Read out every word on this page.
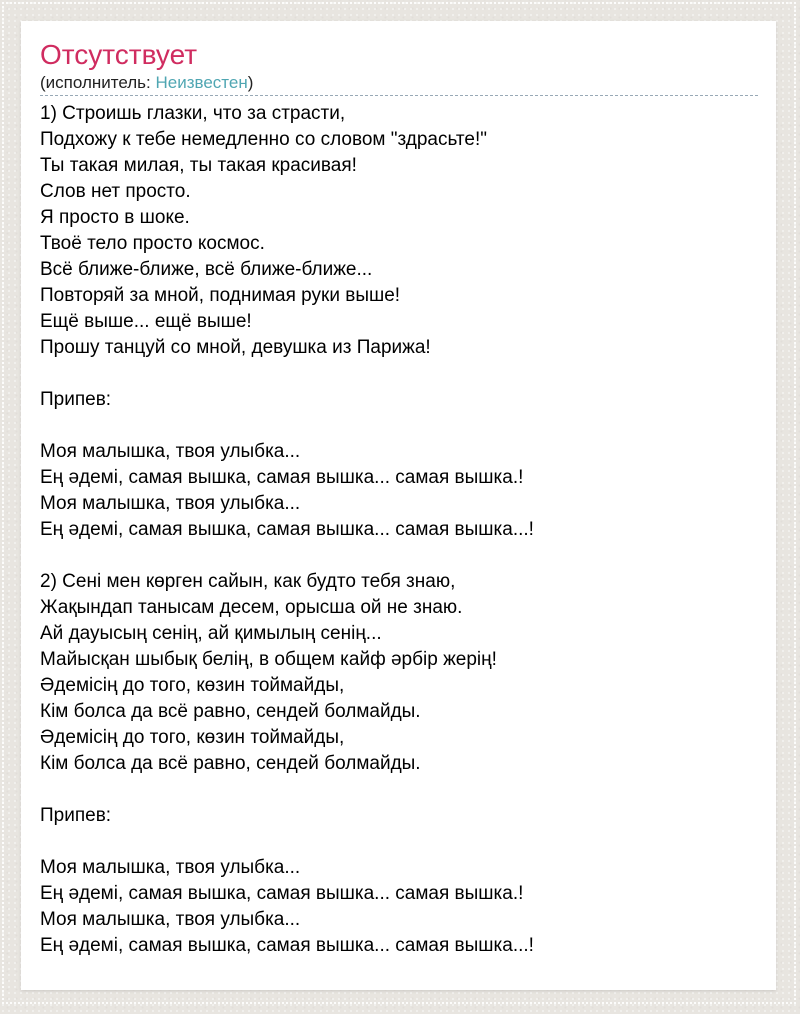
Отсутствует
(исполнитель: Неизвестен)

1) Строишь глазки, что за страсти,
Подхожу к тебе немедленно со словом "здрасьте!"
Ты такая милая, ты такая красивая!
Слов нет просто.
Я просто в шоке.
Твоё тело просто космос.
Всё ближе-ближе, всё ближе-ближе...
Повторяй за мной, поднимая руки выше!
Ещё выше... ещё выше!
Прошу танцуй со мной, девушка из Парижа!

Припев:

Моя малышка, твоя улыбка...
Ең әдемі, самая вышка, самая вышка... самая вышка.!
Моя малышка, твоя улыбка...
Ең әдемі, самая вышка, самая вышка... самая вышка...!

2) Сені мен көрген сайын, как будто тебя знаю,
Жақындап танысам десем, орысша ой не знаю.
Ай дауысың сенің, ай қимылың сенің...
Майысқан шыбық белің, в общем кайф әрбір жерің!
Әдемісің до того, көзин тоймайды,
Кім болса да всё равно, сендей болмайды.
Әдемісің до того, көзин тоймайды,
Кім болса да всё равно, сендей болмайды.

Припев:

Моя малышка, твоя улыбка...
Ең әдемі, самая вышка, самая вышка... самая вышка.!
Моя малышка, твоя улыбка...
Ең әдемі, самая вышка, самая вышка... самая вышка...!
